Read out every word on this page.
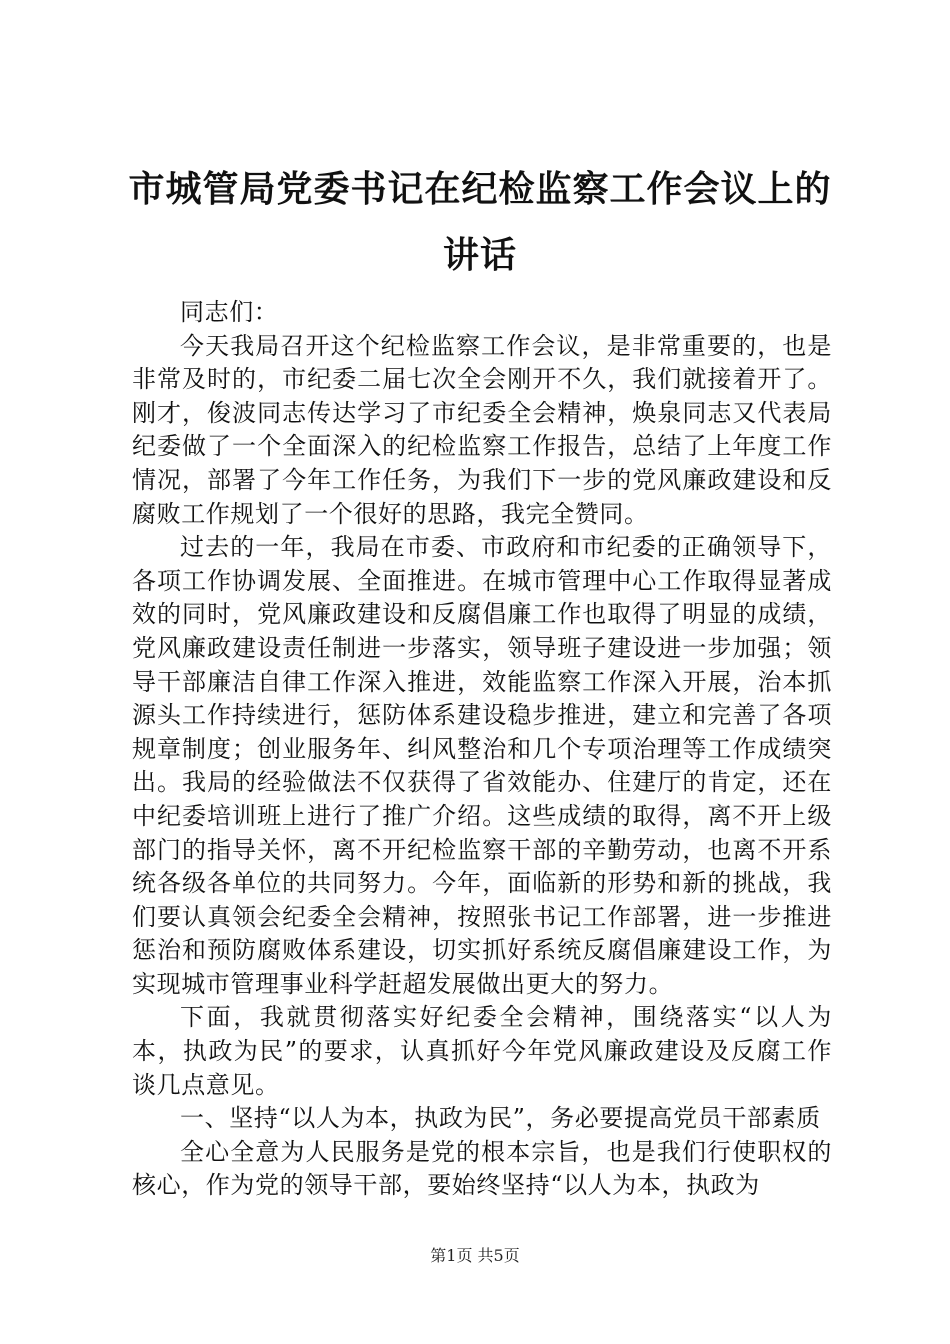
市城管局党委书记在纪检监察工作会议上的讲话

同志们：

今天我局召开这个纪检监察工作会议，是非常重要的，也是非常及时的，市纪委二届七次全会刚开不久，我们就接着开了。刚才，俊波同志传达学习了市纪委全会精神，焕泉同志又代表局纪委做了一个全面深入的纪检监察工作报告，总结了上年度工作情况，部署了今年工作任务，为我们下一步的党风廉政建设和反腐败工作规划了一个很好的思路，我完全赞同。

过去的一年，我局在市委、市政府和市纪委的正确领导下，各项工作协调发展、全面推进。在城市管理中心工作取得显著成效的同时，党风廉政建设和反腐倡廉工作也取得了明显的成绩，党风廉政建设责任制进一步落实，领导班子建设进一步加强；领导干部廉洁自律工作深入推进，效能监察工作深入开展，治本抓源头工作持续进行，惩防体系建设稳步推进，建立和完善了各项规章制度；创业服务年、纠风整治和几个专项治理等工作成绩突出。我局的经验做法不仅获得了省效能办、住建厅的肯定，还在中纪委培训班上进行了推广介绍。这些成绩的取得，离不开上级部门的指导关怀，离不开纪检监察干部的辛勤劳动，也离不开系统各级各单位的共同努力。今年，面临新的形势和新的挑战，我们要认真领会纪委全会精神，按照张书记工作部署，进一步推进惩治和预防腐败体系建设，切实抓好系统反腐倡廉建设工作，为实现城市管理事业科学赶超发展做出更大的努力。

下面，我就贯彻落实好纪委全会精神，围绕落实“以人为本，执政为民”的要求，认真抓好今年党风廉政建设及反腐工作谈几点意见。

一、坚持“以人为本，执政为民”，务必要提高党员干部素质

全心全意为人民服务是党的根本宗旨，也是我们行使职权的核心，作为党的领导干部，要始终坚持“以人为本，执政为

第1页 共5页
